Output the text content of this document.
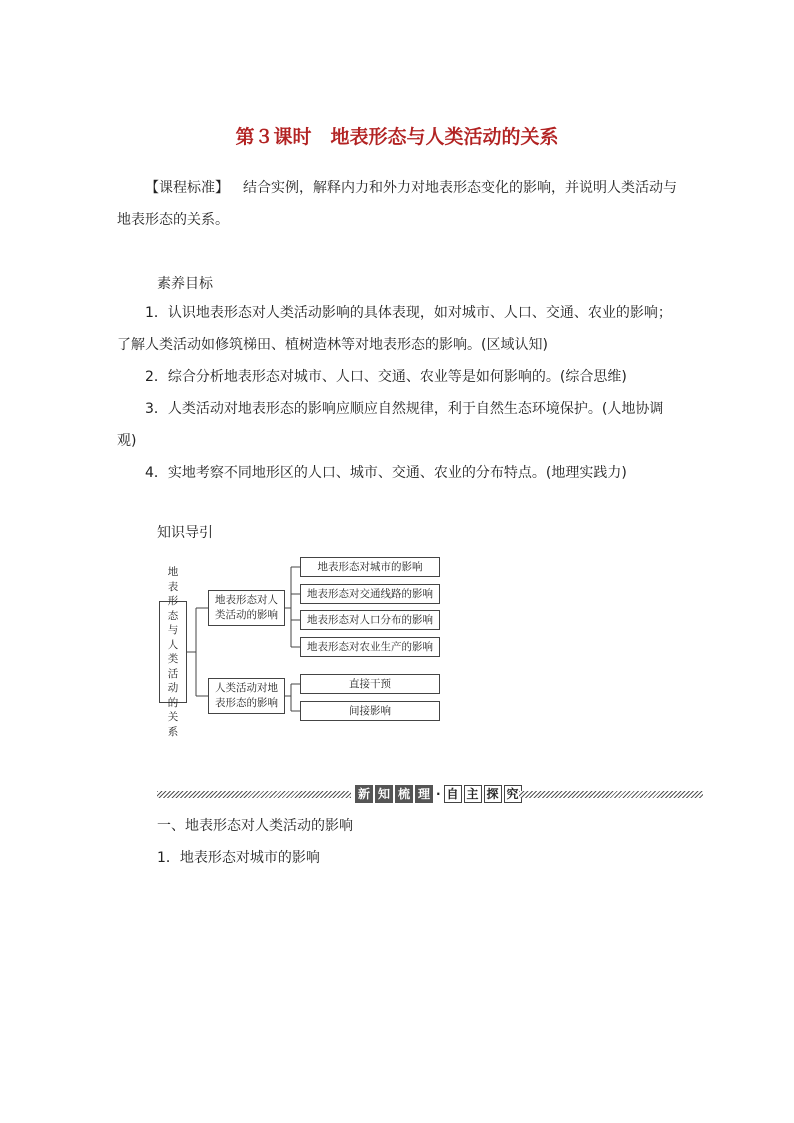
第３课时　地表形态与人类活动的关系
【课程标准】 结合实例，解释内力和外力对地表形态变化的影响，并说明人类活动与地表形态的关系。
素养目标

1．认识地表形态对人类活动影响的具体表现，如对城市、人口、交通、农业的影响；了解人类活动如修筑梯田、植树造林等对地表形态的影响。(区域认知)

2．综合分析地表形态对城市、人口、交通、农业等是如何影响的。(综合思维)

3．人类活动对地表形态的影响应顺应自然规律，利于自然生态环境保护。(人地协调观)

4．实地考察不同地形区的人口、城市、交通、农业的分布特点。(地理实践力)

知识导引
地表形态与人类活动的关系
地表形态对人类活动的影响
人类活动对地表形态的影响
地表形态对城市的影响
地表形态对交通线路的影响
地表形态对人口分布的影响
地表形态对农业生产的影响
直接干预
间接影响
新 知 梳 理 · 自 主 探 究
一、地表形态对人类活动的影响
1．地表形态对城市的影响
